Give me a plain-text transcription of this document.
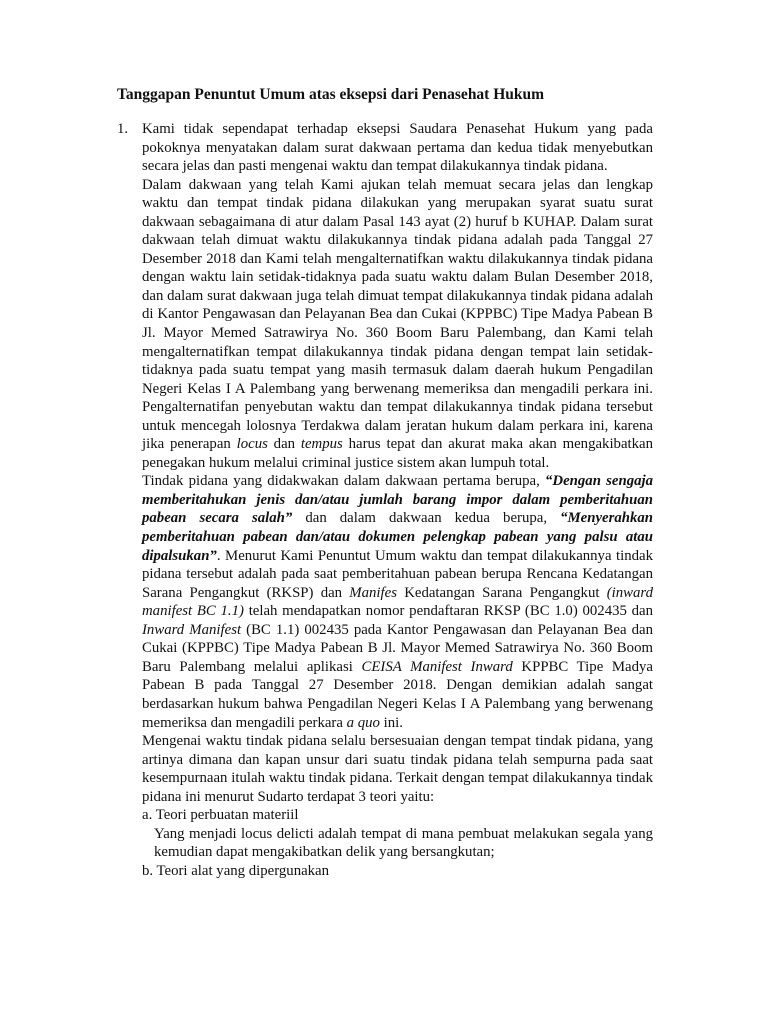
Tanggapan Penuntut Umum atas eksepsi dari Penasehat Hukum

1. Kami tidak sependapat terhadap eksepsi Saudara Penasehat Hukum yang pada pokoknya menyatakan dalam surat dakwaan pertama dan kedua tidak menyebutkan secara jelas dan pasti mengenai waktu dan tempat dilakukannya tindak pidana.

Dalam dakwaan yang telah Kami ajukan telah memuat secara jelas dan lengkap waktu dan tempat tindak pidana dilakukan yang merupakan syarat suatu surat dakwaan sebagaimana di atur dalam Pasal 143 ayat (2) huruf b KUHAP. Dalam surat dakwaan telah dimuat waktu dilakukannya tindak pidana adalah pada Tanggal 27 Desember 2018 dan Kami telah mengalternatifkan waktu dilakukannya tindak pidana dengan waktu lain setidak-tidaknya pada suatu waktu dalam Bulan Desember 2018, dan dalam surat dakwaan juga telah dimuat tempat dilakukannya tindak pidana adalah di Kantor Pengawasan dan Pelayanan Bea dan Cukai (KPPBC) Tipe Madya Pabean B Jl. Mayor Memed Satrawirya No. 360 Boom Baru Palembang, dan Kami telah mengalternatifkan tempat dilakukannya tindak pidana dengan tempat lain setidak-tidaknya pada suatu tempat yang masih termasuk dalam daerah hukum Pengadilan Negeri Kelas I A Palembang yang berwenang memeriksa dan mengadili perkara ini. Pengalternatifan penyebutan waktu dan tempat dilakukannya tindak pidana tersebut untuk mencegah lolosnya Terdakwa dalam jeratan hukum dalam perkara ini, karena jika penerapan locus dan tempus harus tepat dan akurat maka akan mengakibatkan penegakan hukum melalui criminal justice sistem akan lumpuh total.

Tindak pidana yang didakwakan dalam dakwaan pertama berupa, “Dengan sengaja memberitahukan jenis dan/atau jumlah barang impor dalam pemberitahuan pabean secara salah” dan dalam dakwaan kedua berupa, “Menyerahkan pemberitahuan pabean dan/atau dokumen pelengkap pabean yang palsu atau dipalsukan”. Menurut Kami Penuntut Umum waktu dan tempat dilakukannya tindak pidana tersebut adalah pada saat pemberitahuan pabean berupa Rencana Kedatangan Sarana Pengangkut (RKSP) dan Manifes Kedatangan Sarana Pengangkut (inward manifest BC 1.1) telah mendapatkan nomor pendaftaran RKSP (BC 1.0) 002435 dan Inward Manifest (BC 1.1) 002435 pada Kantor Pengawasan dan Pelayanan Bea dan Cukai (KPPBC) Tipe Madya Pabean B Jl. Mayor Memed Satrawirya No. 360 Boom Baru Palembang melalui aplikasi CEISA Manifest Inward KPPBC Tipe Madya Pabean B pada Tanggal 27 Desember 2018. Dengan demikian adalah sangat berdasarkan hukum bahwa Pengadilan Negeri Kelas I A Palembang yang berwenang memeriksa dan mengadili perkara a quo ini.

Mengenai waktu tindak pidana selalu bersesuaian dengan tempat tindak pidana, yang artinya dimana dan kapan unsur dari suatu tindak pidana telah sempurna pada saat kesempurnaan itulah waktu tindak pidana. Terkait dengan tempat dilakukannya tindak pidana ini menurut Sudarto terdapat 3 teori yaitu:

a. Teori perbuatan materiil

Yang menjadi locus delicti adalah tempat di mana pembuat melakukan segala yang kemudian dapat mengakibatkan delik yang bersangkutan;

b. Teori alat yang dipergunakan
